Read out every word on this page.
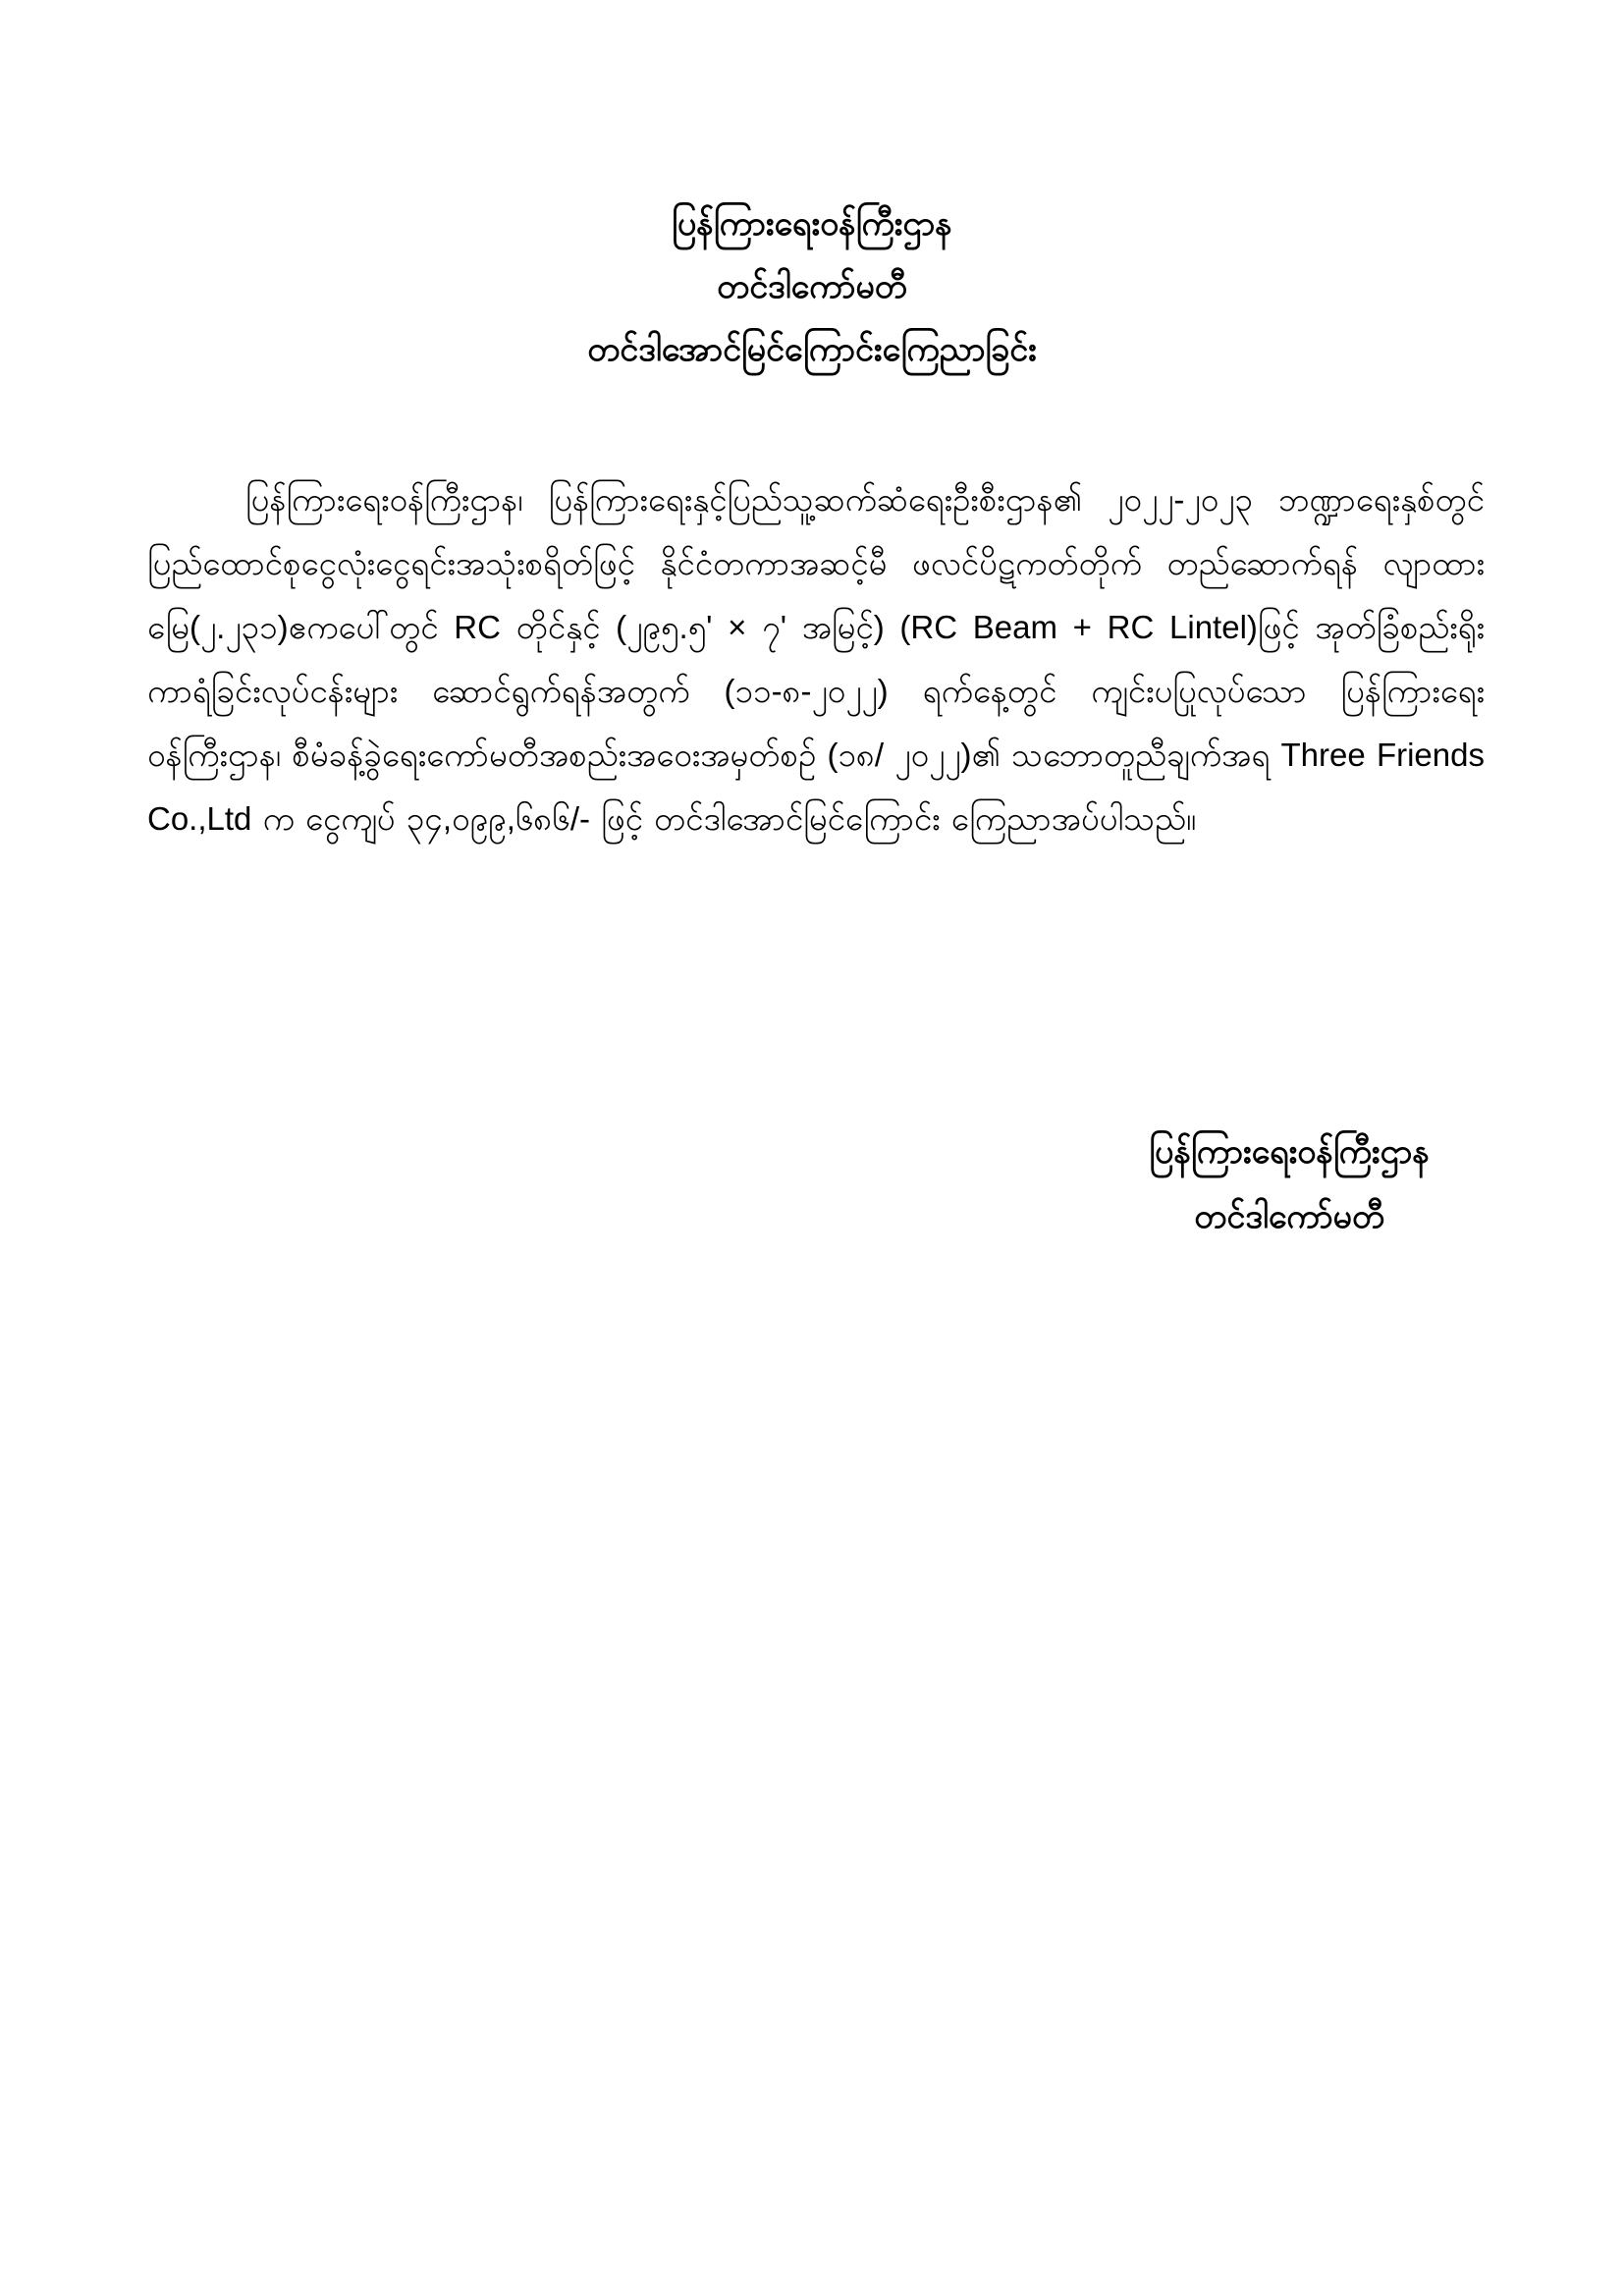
ပြန်ကြားရေးဝန်ကြီးဌာန
တင်ဒါကော်မတီ
တင်ဒါအောင်မြင်ကြောင်းကြေညာခြင်း

ပြန်ကြားရေးဝန်ကြီးဌာန၊ ပြန်ကြားရေးနှင့်ပြည်သူ့ဆက်ဆံရေးဦးစီးဌာန၏ ၂၀၂၂-၂၀၂၃ ဘဏ္ဍာရေးနှစ်တွင် ပြည်ထောင်စုငွေလုံးငွေရင်းအသုံးစရိတ်ဖြင့် နိုင်ငံတကာအဆင့်မီ ဖလင်ပိဋကတ်တိုက် တည်ဆောက်ရန် လျာထားမြေ(၂.၂၃၁)ဧကပေါ်တွင် RC တိုင်နှင့် (၂၉၅.၅' × ၇' အမြင့်) (RC Beam + RC Lintel)ဖြင့် အုတ်ခြံစည်းရိုးကာရံခြင်းလုပ်ငန်းများ ဆောင်ရွက်ရန်အတွက် (၁၁-၈-၂၀၂၂) ရက်နေ့တွင် ကျင်းပပြုလုပ်သော ပြန်ကြားရေးဝန်ကြီးဌာန၊ စီမံခန့်ခွဲရေးကော်မတီအစည်းအဝေးအမှတ်စဉ် (၁၈/ ၂၀၂၂)၏ သဘောတူညီချက်အရ Three Friends Co.,Ltd က ငွေကျပ် ၃၄,၀၉၉,၆၈၆/- ဖြင့် တင်ဒါအောင်မြင်ကြောင်း ကြေညာအပ်ပါသည်။

ပြန်ကြားရေးဝန်ကြီးဌာန
တင်ဒါကော်မတီ
